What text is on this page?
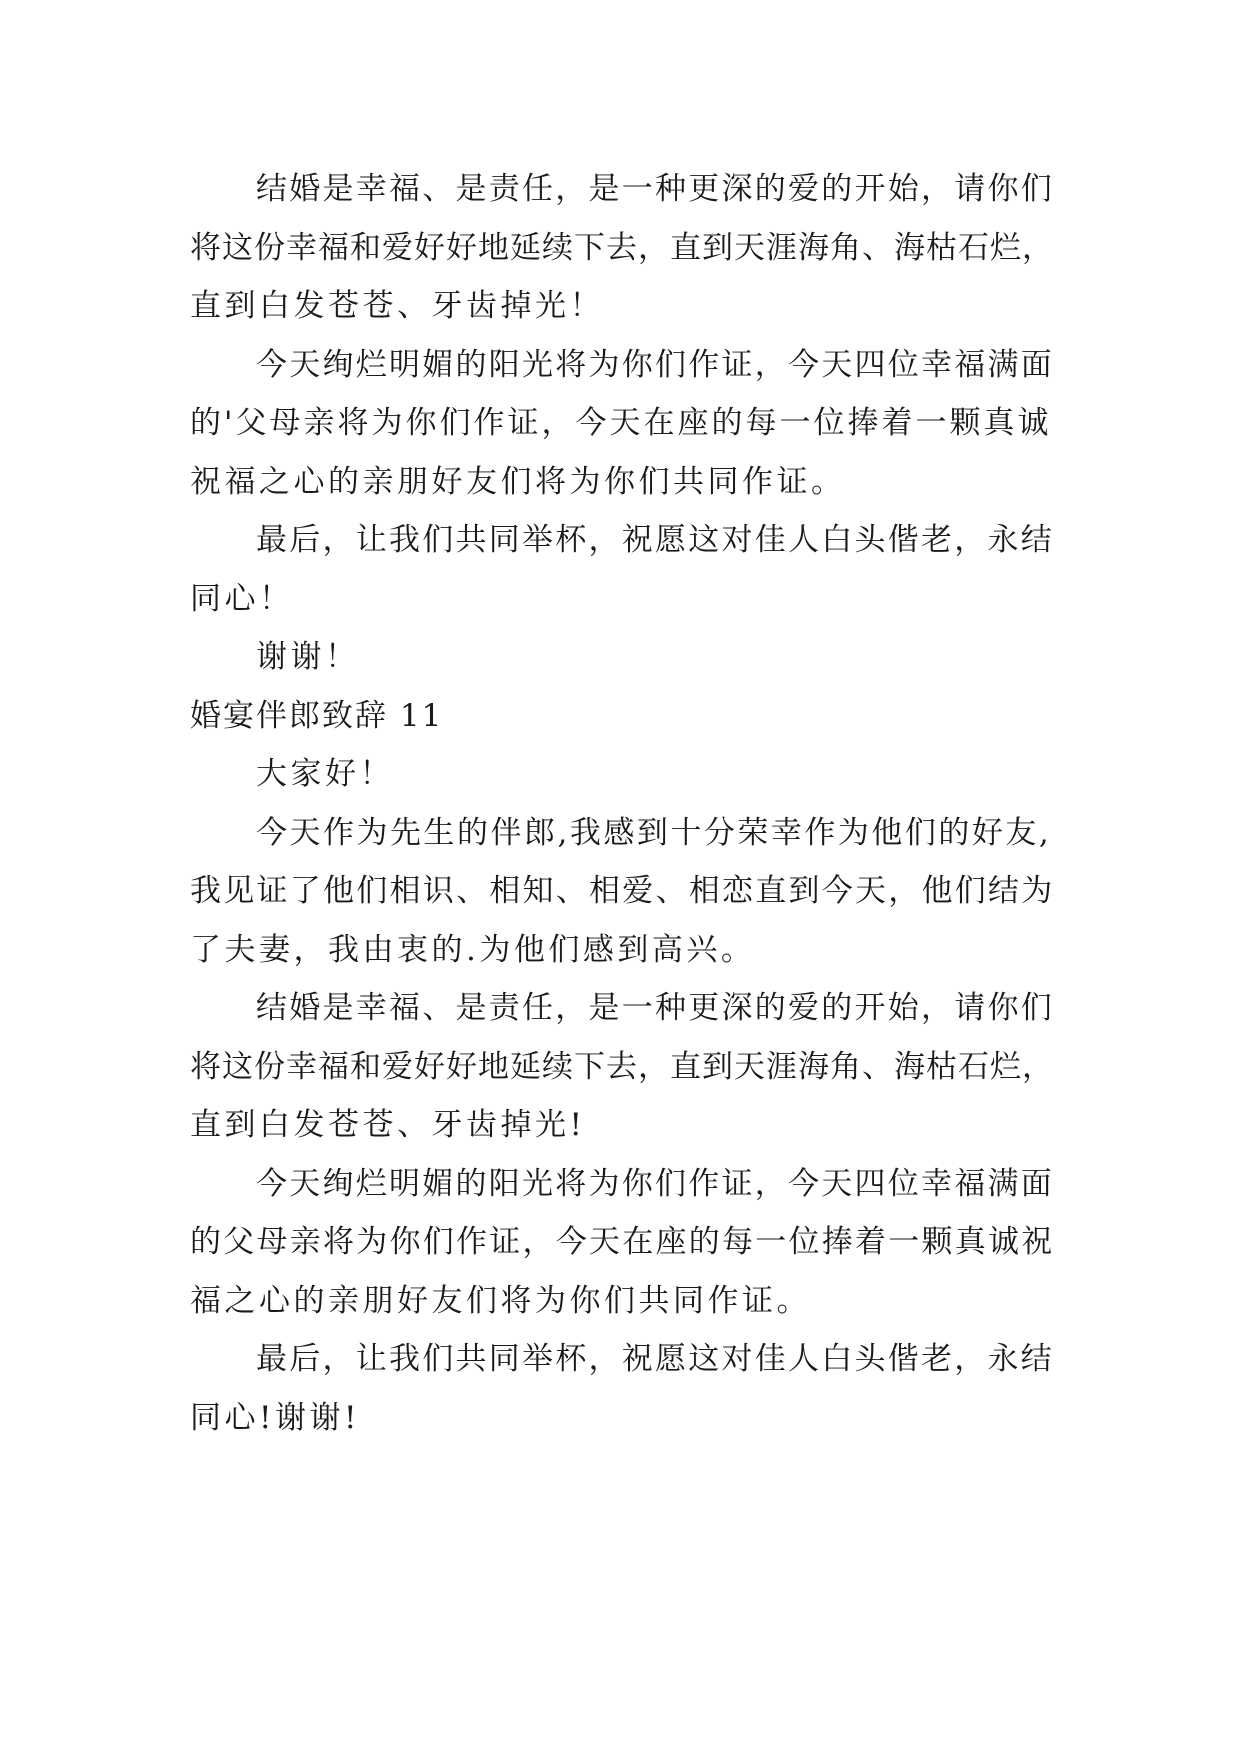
结婚是幸福、是责任，是一种更深的爱的开始，请你们
将这份幸福和爱好好地延续下去，直到天涯海角、海枯石烂，
直到白发苍苍、牙齿掉光！
今天绚烂明媚的阳光将为你们作证，今天四位幸福满面
的'父母亲将为你们作证，今天在座的每一位捧着一颗真诚
祝福之心的亲朋好友们将为你们共同作证。
最后，让我们共同举杯，祝愿这对佳人白头偕老，永结
同心！
谢谢！
婚宴伴郎致辞 11
大家好！
今天作为先生的伴郎,我感到十分荣幸作为他们的好友,
我见证了他们相识、相知、相爱、相恋直到今天，他们结为
了夫妻，我由衷的.为他们感到高兴。
结婚是幸福、是责任，是一种更深的爱的开始，请你们
将这份幸福和爱好好地延续下去，直到天涯海角、海枯石烂，
直到白发苍苍、牙齿掉光!
今天绚烂明媚的阳光将为你们作证，今天四位幸福满面
的父母亲将为你们作证，今天在座的每一位捧着一颗真诚祝
福之心的亲朋好友们将为你们共同作证。
最后，让我们共同举杯，祝愿这对佳人白头偕老，永结
同心!谢谢!
